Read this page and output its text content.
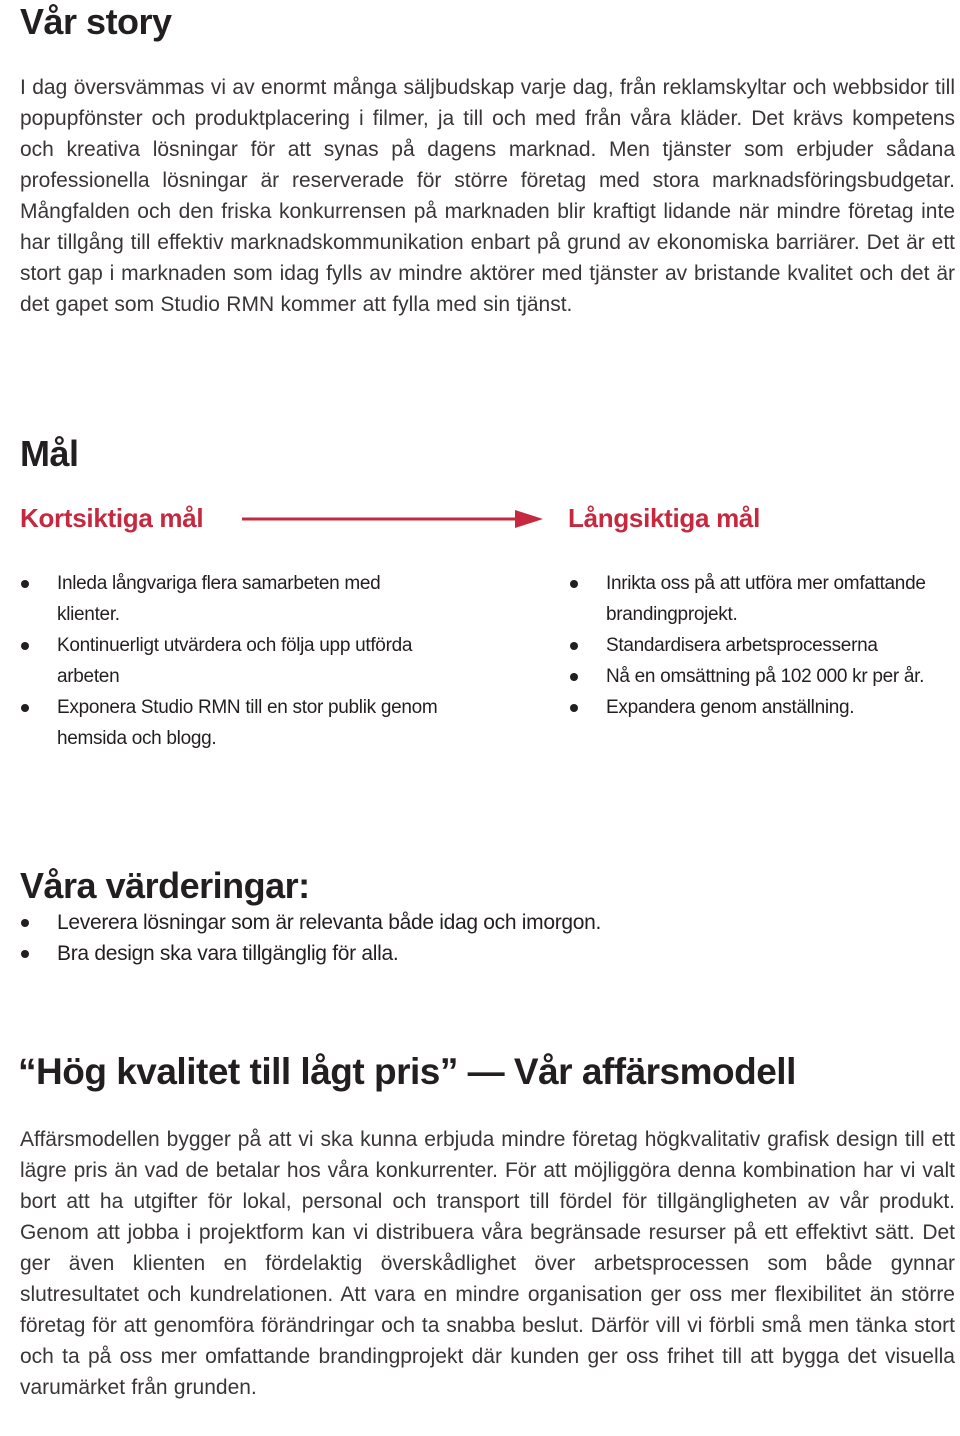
Vår story

I dag översvämmas vi av enormt många säljbudskap varje dag, från reklamskyltar och webbsidor till popupfönster och produktplacering i filmer, ja till och med från våra kläder. Det krävs kompetens och kreativa lösningar för att synas på dagens marknad. Men tjänster som erbjuder sådana professionella lösningar är reserverade för större företag med stora marknadsföringsbudgetar. Mångfalden och den friska konkurrensen på marknaden blir kraftigt lidande när mindre företag inte har tillgång till effektiv marknadskommunikation enbart på grund av ekonomiska barriärer. Det är ett stort gap i marknaden som idag fylls av mindre aktörer med tjänster av bristande kvalitet och det är det gapet som Studio RMN kommer att fylla med sin tjänst.

Mål
Kortsiktiga mål	Långsiktiga mål
Inleda långvariga flera samarbeten med klienter.
Kontinuerligt utvärdera och följa upp utförda arbeten
Exponera Studio RMN till en stor publik genom hemsida och blogg.
Inrikta oss på att utföra mer omfattande brandingprojekt.
Standardisera arbetsprocesserna
Nå en omsättning på 102 000 kr per år.
Expandera genom anställning.
Våra värderingar:
Leverera lösningar som är relevanta både idag och imorgon.
Bra design ska vara tillgänglig för alla.
“Hög kvalitet till lågt pris” — Vår affärsmodell

Affärsmodellen bygger på att vi ska kunna erbjuda mindre företag högkvalitativ grafisk design till ett lägre pris än vad de betalar hos våra konkurrenter. För att möjliggöra denna kombination har vi valt bort att ha utgifter för lokal, personal och transport till fördel för tillgängligheten av vår produkt. Genom att jobba i projektform kan vi distribuera våra begränsade resurser på ett effektivt sätt. Det ger även klienten en fördelaktig överskådlighet över arbetsprocessen som både gynnar slutresultatet och kundrelationen. Att vara en mindre organisation ger oss mer flexibilitet än större företag för att genomföra förändringar och ta snabba beslut. Därför vill vi förbli små men tänka stort och ta på oss mer omfattande brandingprojekt där kunden ger oss frihet till att bygga det visuella varumärket från grunden.
